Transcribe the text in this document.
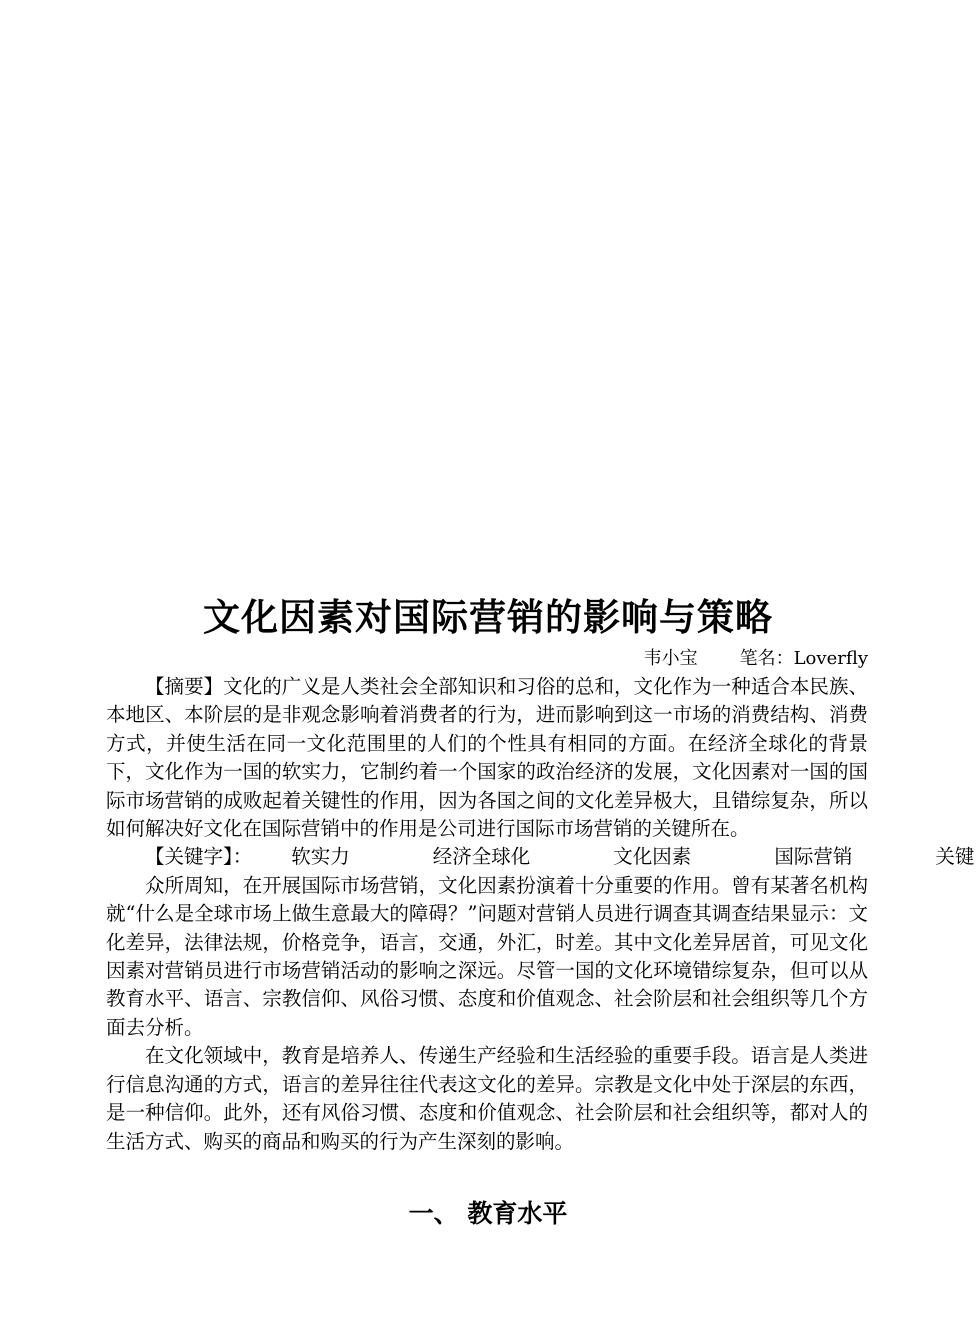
文化因素对国际营销的影响与策略
韦小宝 笔名：Loverfly

【摘要】文化的广义是人类社会全部知识和习俗的总和，文化作为一种适合本民族、本地区、本阶层的是非观念影响着消费者的行为，进而影响到这一市场的消费结构、消费方式，并使生活在同一文化范围里的人们的个性具有相同的方面。在经济全球化的背景下，文化作为一国的软实力，它制约着一个国家的政治经济的发展，文化因素对一国的国际市场营销的成败起着关键性的作用，因为各国之间的文化差异极大，且错综复杂，所以如何解决好文化在国际营销中的作用是公司进行国际市场营销的关键所在。

【关键字】： 软实力	经济全球化	文化因素	国际营销	关键

众所周知，在开展国际市场营销，文化因素扮演着十分重要的作用。曾有某著名机构就“什么是全球市场上做生意最大的障碍？”问题对营销人员进行调查其调查结果显示：文化差异，法律法规，价格竞争，语言，交通，外汇，时差。其中文化差异居首，可见文化因素对营销员进行市场营销活动的影响之深远。尽管一国的文化环境错综复杂，但可以从教育水平、语言、宗教信仰、风俗习惯、态度和价值观念、社会阶层和社会组织等几个方面去分析。

在文化领域中，教育是培养人、传递生产经验和生活经验的重要手段。语言是人类进行信息沟通的方式，语言的差异往往代表这文化的差异。宗教是文化中处于深层的东西，是一种信仰。此外，还有风俗习惯、态度和价值观念、社会阶层和社会组织等，都对人的生活方式、购买的商品和购买的行为产生深刻的影响。

一、 教育水平
